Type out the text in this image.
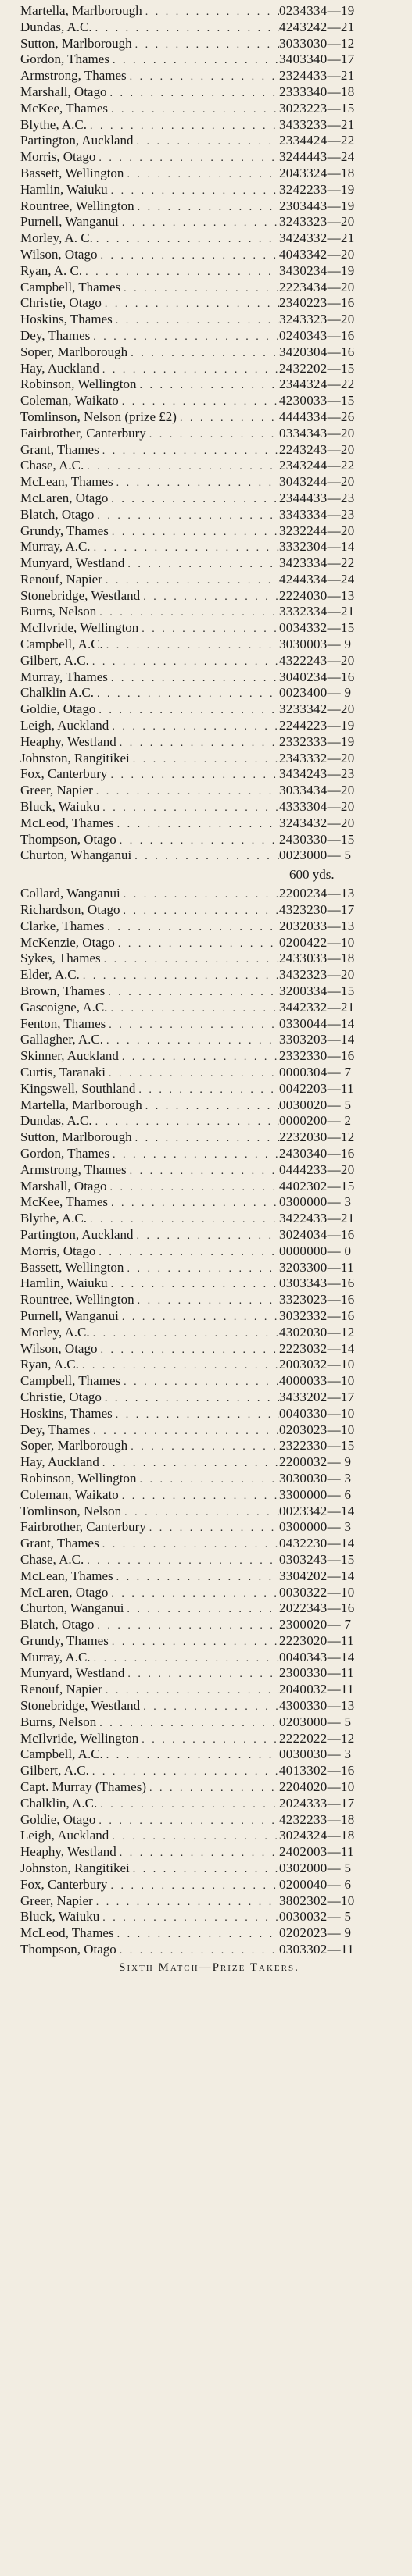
Martella, Marlborough . . .	0234334—19
Dundas, A.C. . . .	4243242—21
Sutton, Marlborough . . .	3033030—12
Gordon, Thames . . .	3403340—17
Armstrong, Thames . . .	2324433—21
Marshall, Otago . . .	2333340—18
McKee, Thames . . .	3023223—15
Blythe, A.C. . . .	3433233—21
Partington, Auckland . . .	2334424—22
Morris, Otago . . .	3244443—24
Bassett, Wellington . . .	2043324—18
Hamlin, Waiuku . . .	3242233—19
Rountree, Wellington . . .	2303443—19
Purnell, Wanganui . . .	3243323—20
Morley, A. C. . . .	3424332—21
Wilson, Otago . . .	4043342—20
Ryan, A. C. . . .	3430234—19
Campbell, Thames . . .	2223434—20
Christie, Otago . . .	2340223—16
Hoskins, Thames . . .	3243323—20
Dey, Thames . . .	0240343—16
Soper, Marlborough . . .	3420304—16
Hay, Auckland . . .	2432202—15
Robinson, Wellington . . .	2344324—22
Coleman, Waikato . . .	4230033—15
Tomlinson, Nelson (prize £2) . . .	4444334—26
Fairbrother, Canterbury . . .	0334343—20
Grant, Thames . . .	2243243—20
Chase, A.C. . . .	2343244—22
McLean, Thames . . .	3043244—20
McLaren, Otago . . .	2344433—23
Blatch, Otago . . .	3343334—23
Grundy, Thames . . .	3232244—20
Murray, A.C. . . .	3332304—14
Munyard, Westland . . .	3423334—22
Renouf, Napier . . .	4244334—24
Stonebridge, Westland . . .	2224030—13
Burns, Nelson . . .	3332334—21
McIlvride, Wellington . . .	0034332—15
Campbell, A.C. . . .	3030003— 9
Gilbert, A.C. . . .	4322243—20
Murray, Thames . . .	3040234—16
Chalklin A.C. . . .	0023400— 9
Goldie, Otago . . .	3233342—20
Leigh, Auckland . . .	2244223—19
Heaphy, Westland . . .	2332333—19
Johnston, Rangitikei . . .	2343332—20
Fox, Canterbury . . .	3434243—23
Greer, Napier . . .	3033434—20
Bluck, Waiuku . . .	4333304—20
McLeod, Thames . . .	3243432—20
Thompson, Otago . . .	2430330—15
Churton, Whanganui . . .	0023000— 5
600 yds.
Collard, Wanganui . . .	2200234—13
Richardson, Otago . . .	4323230—17
Clarke, Thames . . .	2032033—13
McKenzie, Otago . . .	0200422—10
Sykes, Thames . . .	2433033—18
Elder, A.C. . . .	3432323—20
Brown, Thames . . .	3200334—15
Gascoigne, A.C. . . .	3442332—21
Fenton, Thames . . .	0330044—14
Gallagher, A.C. . . .	3303203—14
Skinner, Auckland . . .	2332330—16
Curtis, Taranaki . . .	0000304— 7
Kingswell, Southland . . .	0042203—11
Martella, Marlborough . . .	0030020— 5
Dundas, A.C. . . .	0000200— 2
Sutton, Marlborough . . .	2232030—12
Gordon, Thames . . .	2430340—16
Armstrong, Thames . . .	0444233—20
Marshall, Otago . . .	4402302—15
McKee, Thames . . .	0300000— 3
Blythe, A.C. . . .	3422433—21
Partington, Auckland . . .	3024034—16
Morris, Otago . . .	0000000— 0
Bassett, Wellington . . .	3203300—11
Hamlin, Waiuku . . .	0303343—16
Rountree, Wellington . . .	3323023—16
Purnell, Wanganui . . .	3032332—16
Morley, A.C. . . .	4302030—12
Wilson, Otago . . .	2223032—14
Ryan, A.C. . . .	2003032—10
Campbell, Thames . . .	4000033—10
Christie, Otago . . .	3433202—17
Hoskins, Thames . . .	0040330—10
Dey, Thames . . .	0203023—10
Soper, Marlborough . . .	2322330—15
Hay, Auckland . . .	2200032— 9
Robinson, Wellington . . .	3030030— 3
Coleman, Waikato . . .	3300000— 6
Tomlinson, Nelson . . .	0023342—14
Fairbrother, Canterbury . . .	0300000— 3
Grant, Thames . . .	0432230—14
Chase, A.C. . . .	0303243—15
McLean, Thames . . .	3304202—14
McLaren, Otago . . .	0030322—10
Churton, Wanganui . . .	2022343—16
Blatch, Otago . . .	2300020— 7
Grundy, Thames . . .	2223020—11
Murray, A.C. . . .	0040343—14
Munyard, Westland . . .	2300330—11
Renouf, Napier . . .	2040032—11
Stonebridge, Westland . . .	4300330—13
Burns, Nelson . . .	0203000— 5
McIlvride, Wellington . . .	2222022—12
Campbell, A.C. . . .	0030030— 3
Gilbert, A.C. . . .	4013302—16
Capt. Murray (Thames) . . .	2204020—10
Chalklin, A.C. . . .	2024333—17
Goldie, Otago . . .	4232233—18
Leigh, Auckland . . .	3024324—18
Heaphy, Westland . . .	2402003—11
Johnston, Rangitikei . . .	0302000— 5
Fox, Canterbury . . .	0200040— 6
Greer, Napier . . .	3802302—10
Bluck, Waiuku . . .	0030032— 5
McLeod, Thames . . .	0202023— 9
Thompson, Otago . . .	0303302—11
Sixth Match—Prize Takers.
